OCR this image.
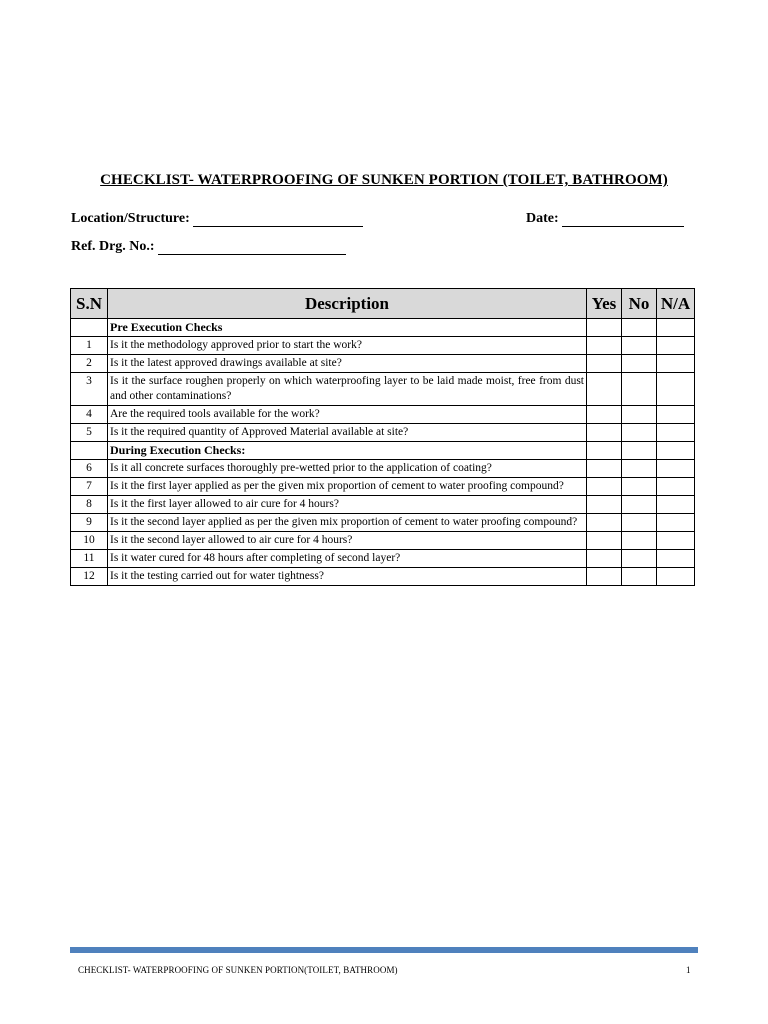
CHECKLIST- WATERPROOFING OF SUNKEN PORTION (TOILET, BATHROOM)
Location/Structure:	Date:
Ref. Drg. No.:
S.N	Description	Yes	No	N/A
	Pre Execution Checks			
1	Is it the methodology approved prior to start the work?			
2	Is it the latest approved drawings available at site?			
3	Is it the surface roughen properly on which waterproofing layer to be laid made moist, free from dust and other contaminations?			
4	Are the required tools available for the work?			
5	Is it the required quantity of Approved Material available at site?			
	During Execution Checks:			
6	Is it all concrete surfaces thoroughly pre-wetted prior to the application of coating?			
7	Is it the first layer applied as per the given mix proportion of cement to water proofing compound?			
8	Is it the first layer allowed to air cure for 4 hours?			
9	Is it the second layer applied as per the given mix proportion of cement to water proofing compound?			
10	Is it the second layer allowed to air cure for 4 hours?			
11	Is it water cured for 48 hours after completing of second layer?			
12	Is it the testing carried out for water tightness?			
CHECKLIST- WATERPROOFING OF SUNKEN PORTION(TOILET, BATHROOM)	1
